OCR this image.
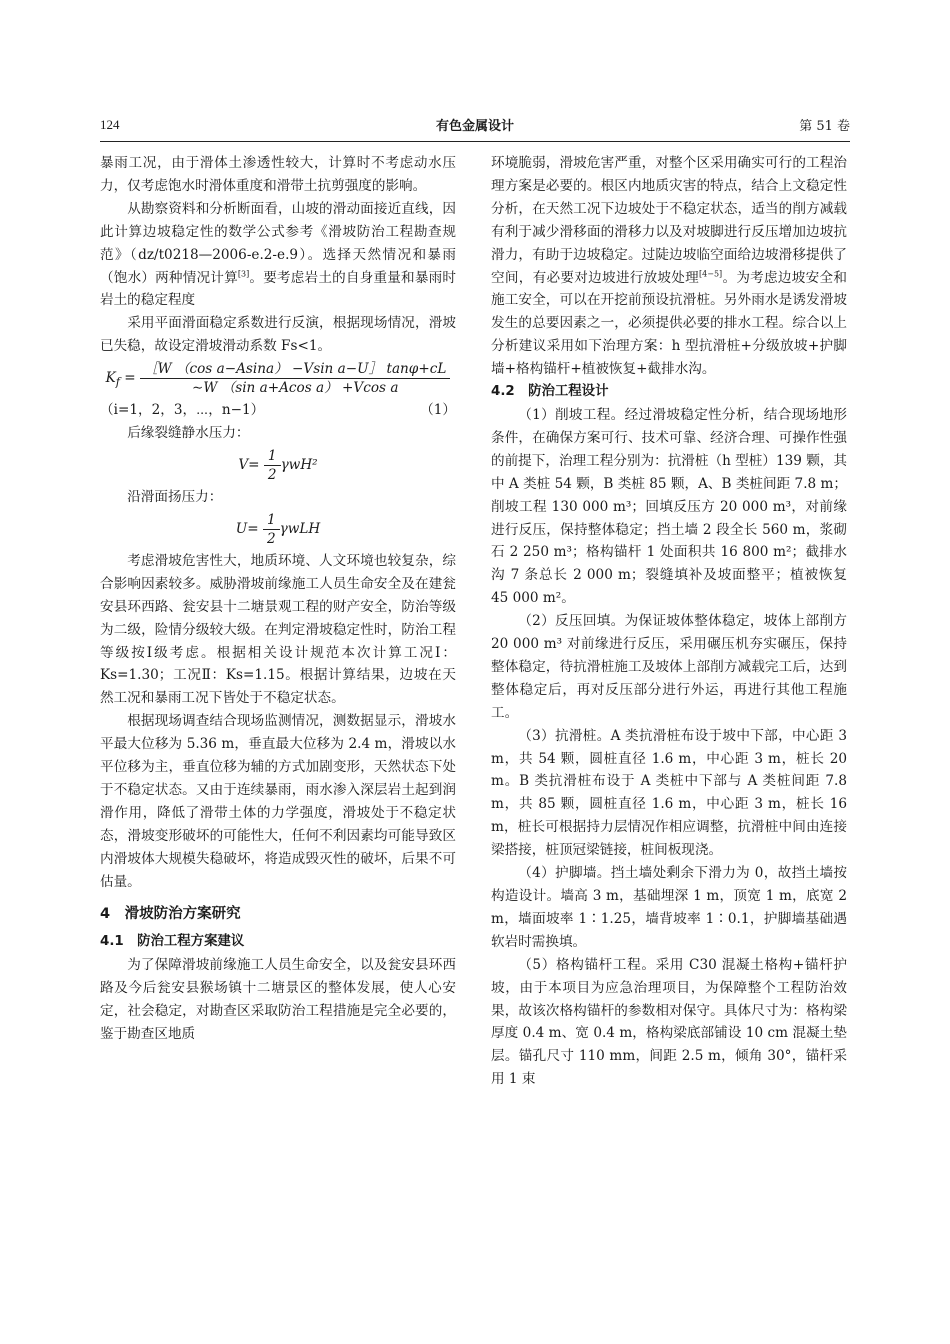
124	有色金属设计	第 51 卷

暴雨工况，由于滑体土渗透性较大，计算时不考虑动水压力，仅考虑饱水时滑体重度和滑带土抗剪强度的影响。

从勘察资料和分析断面看，山坡的滑动面接近直线，因此计算边坡稳定性的数学公式参考《滑坡防治工程勘查规范》（dz/t0218—2006-e.2-e.9）。选择天然情况和暴雨（饱水）两种情况计算[3]。要考虑岩土的自身重量和暴雨时岩土的稳定程度

采用平面滑面稳定系数进行反演，根据现场情况，滑坡已失稳，故设定滑坡滑动系数 Fs<1。

$K_f = \frac{\text{［W （cos a−Asina） −Vsin a−U］ tanφ+cL}}{\text{∼W （sin a+Acos a） +Vcos a}}$
（i=1，2，3，⋯，n−1）	（1）

后缘裂缝静水压力：

$V= \frac{1}{2} \gamma wH^2$

沿滑面扬压力：

$U= \frac{1}{2}$ γwLH

考虑滑坡危害性大，地质环境、人文环境也较复杂，综合影响因素较多。威胁滑坡前缘施工人员生命安全及在建瓮安县环西路、瓮安县十二塘景观工程的财产安全，防治等级为二级，险情分级较大级。在判定滑坡稳定性时，防治工程等级按Ⅰ级考虑。根据相关设计规范本次计算工况Ⅰ：Ks=1.30；工况Ⅱ：Ks=1.15。根据计算结果，边坡在天然工况和暴雨工况下皆处于不稳定状态。

根据现场调查结合现场监测情况，测数据显示，滑坡水平最大位移为 5.36 m，垂直最大位移为 2.4 m，滑坡以水平位移为主，垂直位移为辅的方式加剧变形，天然状态下处于不稳定状态。又由于连续暴雨，雨水渗入深层岩土起到润滑作用，降低了滑带土体的力学强度，滑坡处于不稳定状态，滑坡变形破坏的可能性大，任何不利因素均可能导致区内滑坡体大规模失稳破坏，将造成毁灭性的破坏，后果不可估量。

4　滑坡防治方案研究
4.1　防治工程方案建议

为了保障滑坡前缘施工人员生命安全，以及瓮安县环西路及今后瓮安县猴场镇十二塘景区的整体发展，使人心安定，社会稳定，对勘查区采取防治工程措施是完全必要的，鉴于勘查区地质

环境脆弱，滑坡危害严重，对整个区采用确实可行的工程治理方案是必要的。根区内地质灾害的特点，结合上文稳定性分析，在天然工况下边坡处于不稳定状态，适当的削方减载有利于减少滑移面的滑移力以及对坡脚进行反压增加边坡抗滑力，有助于边坡稳定。过陡边坡临空面给边坡滑移提供了空间，有必要对边坡进行放坡处理[4−5]。为考虑边坡安全和施工安全，可以在开挖前预设抗滑桩。另外雨水是诱发滑坡发生的总要因素之一，必须提供必要的排水工程。综合以上分析建议采用如下治理方案：h 型抗滑桩+分级放坡+护脚墙+格构锚杆+植被恢复+截排水沟。

4.2　防治工程设计

（1）削坡工程。经过滑坡稳定性分析，结合现场地形条件，在确保方案可行、技术可靠、经济合理、可操作性强的前提下，治理工程分别为：抗滑桩（h 型桩）139 颗，其中 A 类桩 54 颗，B 类桩 85 颗，A、B 类桩间距 7.8 m；削坡工程 130 000 m³；回填反压方 20 000 m³，对前缘进行反压，保持整体稳定；挡土墙 2 段全长 560 m，浆砌石 2 250 m³；格构锚杆 1 处面积共 16 800 m²；截排水沟 7 条总长 2 000 m；裂缝填补及坡面整平；植被恢复 45 000 m²。

（2）反压回填。为保证坡体整体稳定，坡体上部削方 20 000 m³ 对前缘进行反压，采用碾压机夯实碾压，保持整体稳定，待抗滑桩施工及坡体上部削方减载完工后，达到整体稳定后，再对反压部分进行外运，再进行其他工程施工。

（3）抗滑桩。A 类抗滑桩布设于坡中下部，中心距 3 m，共 54 颗，圆桩直径 1.6 m，中心距 3 m，桩长 20 m。B 类抗滑桩布设于 A 类桩中下部与 A 类桩间距 7.8 m，共 85 颗，圆桩直径 1.6 m，中心距 3 m，桩长 16 m，桩长可根据持力层情况作相应调整，抗滑桩中间由连接梁搭接，桩顶冠梁链接，桩间板现浇。

（4）护脚墙。挡土墙处剩余下滑力为 0，故挡土墙按构造设计。墙高 3 m，基础埋深 1 m，顶宽 1 m，底宽 2 m，墙面坡率 1∶1.25，墙背坡率 1∶0.1，护脚墙基础遇软岩时需换填。

（5）格构锚杆工程。采用 C30 混凝土格构+锚杆护坡，由于本项目为应急治理项目，为保障整个工程防治效果，故该次格构锚杆的参数相对保守。具体尺寸为：格构梁厚度 0.4 m、宽 0.4 m，格构梁底部铺设 10 cm 混凝土垫层。锚孔尺寸 110 mm，间距 2.5 m，倾角 30°，锚杆采用 1 束
